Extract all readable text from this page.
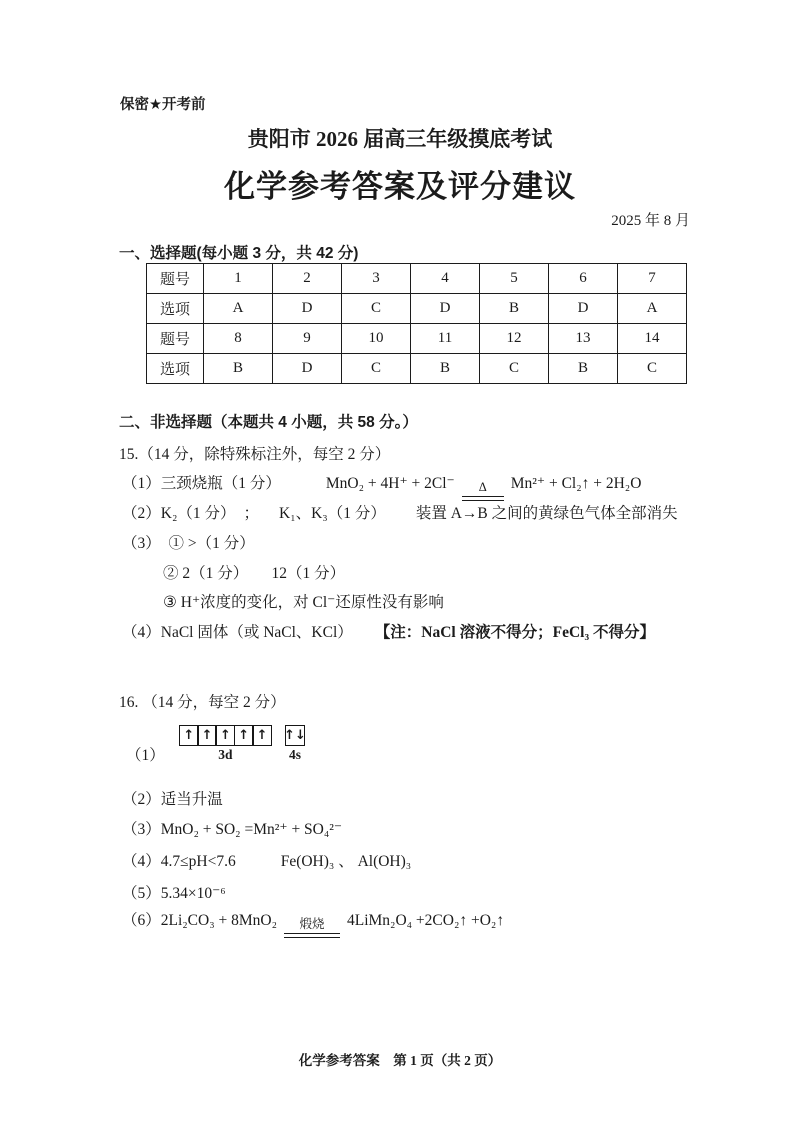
保密★开考前
贵阳市 2026 届高三年级摸底考试
化学参考答案及评分建议
2025 年 8 月
一、选择题(每小题 3 分，共 42 分)
题号	1	2	3	4	5	6	7
选项	A	D	C	D	B	D	A
题号	8	9	10	11	12	13	14
选项	B	D	C	B	C	B	C
二、非选择题（本题共 4 小题，共 58 分。）
15.（14 分，除特殊标注外，每空 2 分）
（1）三颈烧瓶（1 分）	MnO₂ + 4H⁺ + 2Cl⁻ Δ Mn²⁺ + Cl₂↑ + 2H₂O
（2）K₂（1 分） ； K₁、K₃（1 分） 装置 A→B 之间的黄绿色气体全部消失
（3）　① >（1 分）
② 2（1 分）　　12（1 分）
③ H⁺浓度的变化，对 Cl⁻还原性没有影响
（4）NaCl 固体（或 NaCl、KCl） 【注：NaCl 溶液不得分；FeCl₃ 不得分】
16. （14 分，每空 2 分）
（1）
↑ ↑ ↑ ↑ ↑
3d
↑↓
4s
（2）适当升温
（3）MnO₂ + SO₂ =Mn²⁺ + SO₄²⁻
（4）4.7≤pH<7.6	Fe(OH)₃ 、 Al(OH)₃
（5）5.34×10⁻⁶
（6）2Li₂CO₃ + 8MnO₂ 煅烧 4LiMn₂O₄ +2CO₂↑ +O₂↑
化学参考答案　第 1 页（共 2 页）
